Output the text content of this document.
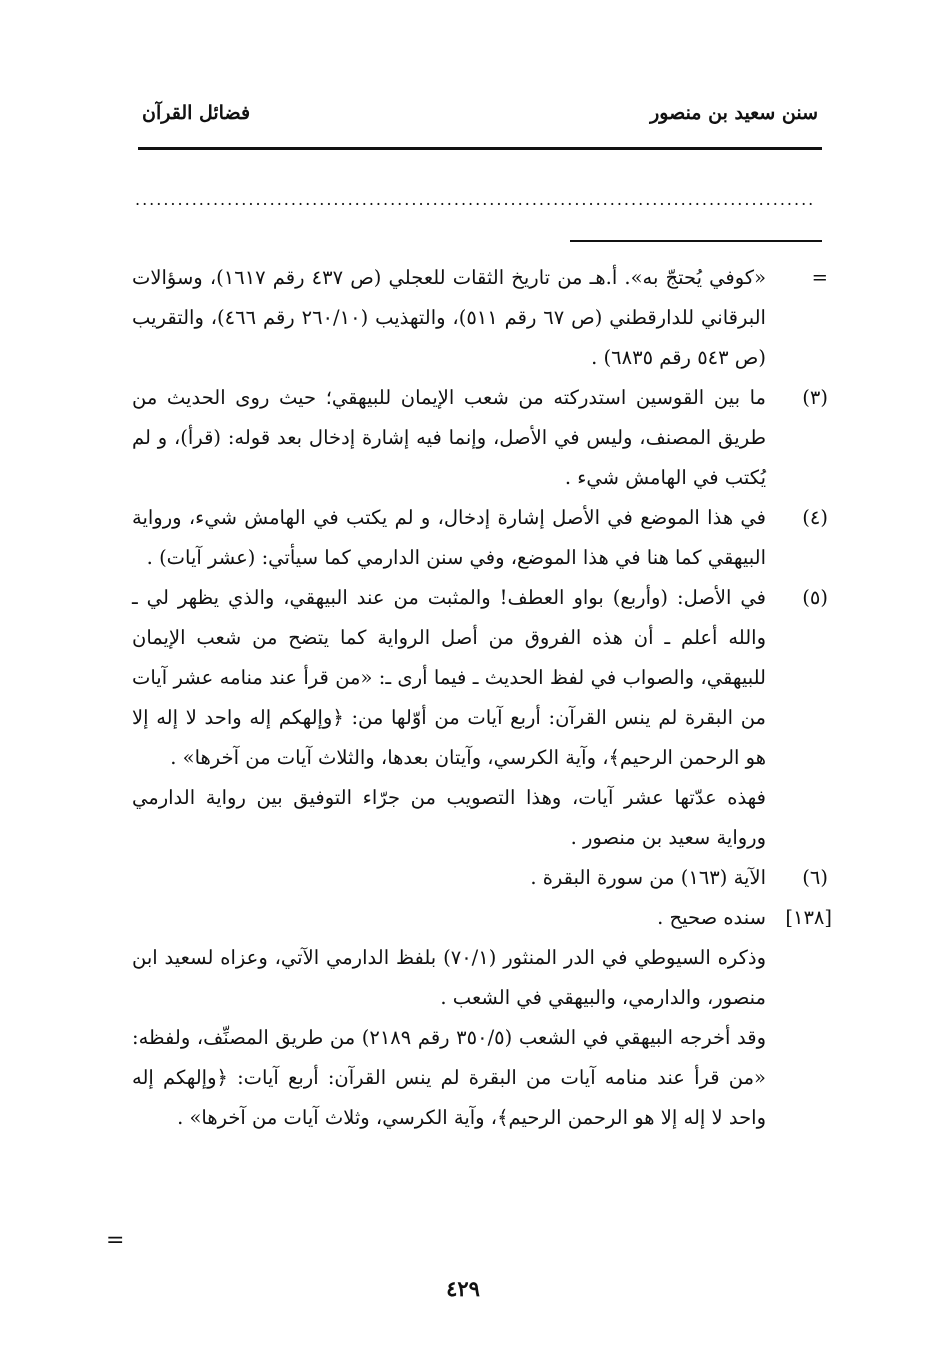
سنن سعيد بن منصور
فضائل القرآن
................................................................................................
=
«كوفي يُحتجّ به». أ.هـ من تاريخ الثقات للعجلي (ص ٤٣٧ رقم ١٦١٧)، وسؤالات البرقاني للدارقطني (ص ٦٧ رقم ٥١١)، والتهذيب (٢٦٠/١٠ رقم ٤٦٦)، والتقريب (ص ٥٤٣ رقم ٦٨٣٥) .
(٣)
ما بين القوسين استدركته من شعب الإيمان للبيهقي؛ حيث روى الحديث من طريق المصنف، وليس في الأصل، وإنما فيه إشارة إدخال بعد قوله: (قرأ)، و لم يُكتب في الهامش شيء .
(٤)
في هذا الموضع في الأصل إشارة إدخال، و لم يكتب في الهامش شيء، ورواية البيهقي كما هنا في هذا الموضع، وفي سنن الدارمي كما سيأتي: (عشر آيات) .
(٥)
في الأصل: (وأربع) بواو العطف! والمثبت من عند البيهقي، والذي يظهر لي ـ والله أعلم ـ أن هذه الفروق من أصل الرواية كما يتضح من شعب الإيمان للبيهقي، والصواب في لفظ الحديث ـ فيما أرى ـ: «من قرأ عند منامه عشر آيات من البقرة لم ينس القرآن: أربع آيات من أوّلها من: ﴿وإلهكم إله واحد لا إله إلا هو الرحمن الرحيم﴾، وآية الكرسي، وآيتان بعدها، والثلاث آيات من آخرها» .
فهذه عدّتها عشر آيات، وهذا التصويب من جرّاء التوفيق بين رواية الدارمي ورواية سعيد بن منصور .
(٦)
الآية (١٦٣) من سورة البقرة .
[١٣٨]
سنده صحيح .
وذكره السيوطي في الدر المنثور (٧٠/١) بلفظ الدارمي الآتي، وعزاه لسعيد ابن منصور، والدارمي، والبيهقي في الشعب .
وقد أخرجه البيهقي في الشعب (٣٥٠/٥ رقم ٢١٨٩) من طريق المصنِّف، ولفظه: «من قرأ عند منامه آيات من البقرة لم ينس القرآن: أربع آيات: ﴿وإلهكم إله واحد لا إله إلا هو الرحمن الرحيم﴾، وآية الكرسي، وثلاث آيات من آخرها» .
=
٤٢٩
